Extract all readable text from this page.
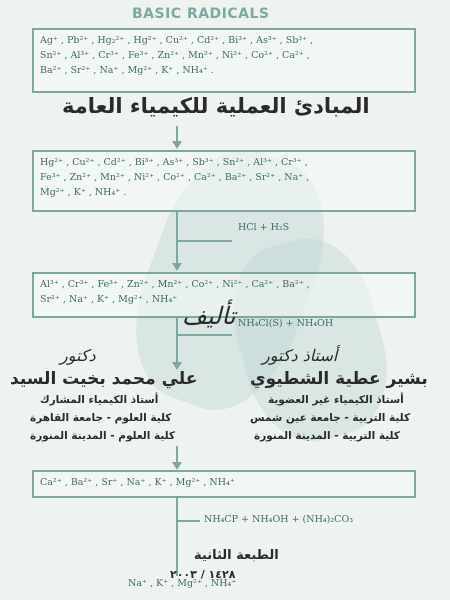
BASIC RADICALS
Ag⁺ , Pb²⁺ , Hg₂²⁺ , Hg²⁺ , Cu²⁺ , Cd²⁺ , Bi³⁺ , As³⁺ , Sb³⁺ ,
Sn²⁺ , Al³⁺ , Cr³⁺ , Fe³⁺ , Zn²⁺ , Mn²⁺ , Ni²⁺ , Co²⁺ , Ca²⁺ ,
Ba²⁺ , Sr²⁺ , Na⁺ , Mg²⁺ , K⁺ , NH₄⁺ .
المبادئ العملية للكيمياء العامة
Hg²⁺ , Cu²⁺ , Cd²⁺ , Bi³⁺ , As³⁺ , Sb³⁺ , Sn²⁺ , Al³⁺ , Cr³⁺ ,
Fe³⁺ , Zn²⁺ , Mn²⁺ , Ni²⁺ , Co²⁺ , Ca²⁺ , Ba²⁺ , Sr²⁺ , Na⁺ ,
Mg²⁺ , K⁺ , NH₄⁺ .
HCl + H₂S
Al³⁺ , Cr³⁺ , Fe³⁺ , Zn²⁺ , Mn²⁺ , Co²⁺ , Ni²⁺ , Ca²⁺ , Ba²⁺ ,
Sr²⁺ , Na⁺ , K⁺ , Mg²⁺ , NH₄⁺
تأليف NH₄Cl(S) + NH₄OH
دكتور	أستاذ دكتور
علي محمد بخيت السيد
أستاذ الكيمياء المشارك
كلية العلوم - جامعة القاهرة
كلية العلوم - المدينة المنورة
بشير عطية الشطيوي
أستاذ الكيمياء غير العضوية
كلية التربية - جامعة عين شمس
كلية التربية - المدينة المنورة
Ca²⁺ , Ba²⁺ , Sr⁺ , Na⁺ , K⁺ , Mg²⁺ , NH₄⁺
NH₄CP + NH₄OH + (NH₄)₂CO₃
الطبعة الثانية
١٤٢٨ / ٢٠٠٣
Na⁺ , K⁺ , Mg²⁺ , NH₄⁺
